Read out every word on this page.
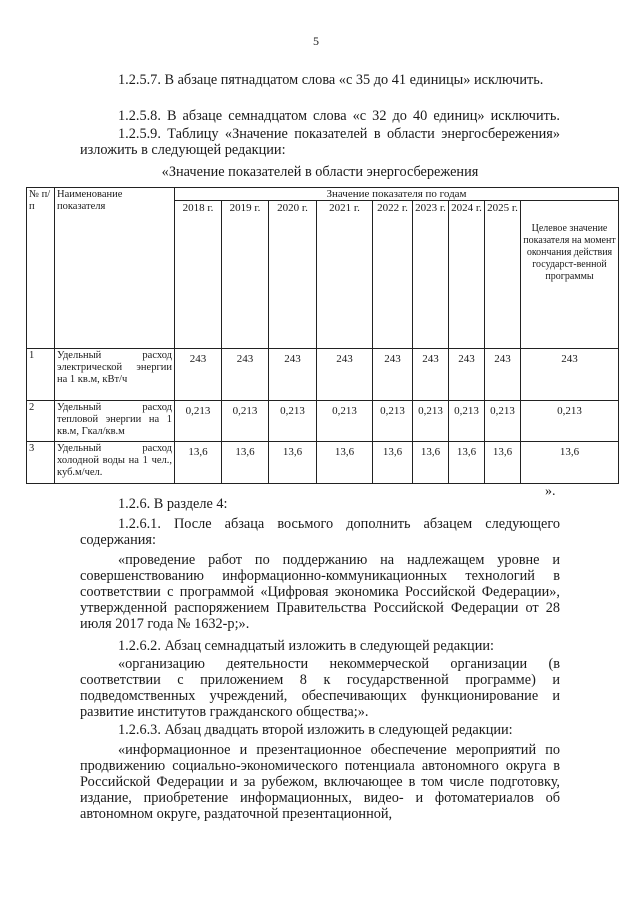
5

1.2.5.7. В абзаце пятнадцатом слова «с 35 до 41 единицы» исключить.

1.2.5.8. В абзаце семнадцатом слова «с 32 до 40 единиц» исключить.

1.2.5.9. Таблицу «Значение показателей в области энергосбережения» изложить в следующей редакции:

«Значение показателей в области энергосбережения

№ п/п	Наименование показателя	Значение показателя по годам								
		2018 г.	2019 г.	2020 г.	2021 г.	2022 г.	2023 г.	2024 г.	2025 г.	Целевое значение показателя на момент окончания действия государст-венной программы
1	Удельный расход электрической энергии на 1 кв.м, кВт/ч	243	243	243	243	243	243	243	243	243
2	Удельный расход тепловой энергии на 1 кв.м, Гкал/кв.м	0,213	0,213	0,213	0,213	0,213	0,213	0,213	0,213	0,213
3	Удельный расход холодной воды на 1 чел., куб.м/чел.	13,6	13,6	13,6	13,6	13,6	13,6	13,6	13,6	13,6
».

1.2.6. В разделе 4:

1.2.6.1. После абзаца восьмого дополнить абзацем следующего содержания:

«проведение работ по поддержанию на надлежащем уровне и совершенствованию информационно-коммуникационных технологий в соответствии с программой «Цифровая экономика Российской Федерации», утвержденной распоряжением Правительства Российской Федерации от 28 июля 2017 года № 1632-р;».

1.2.6.2. Абзац семнадцатый изложить в следующей редакции:

«организацию деятельности некоммерческой организации (в соответствии с приложением 8 к государственной программе) и подведомственных учреждений, обеспечивающих функционирование и развитие институтов гражданского общества;».

1.2.6.3. Абзац двадцать второй изложить в следующей редакции:

«информационное и презентационное обеспечение мероприятий по продвижению социально-экономического потенциала автономного округа в Российской Федерации и за рубежом, включающее в том числе подготовку, издание, приобретение информационных, видео- и фотоматериалов об автономном округе, раздаточной презентационной,
